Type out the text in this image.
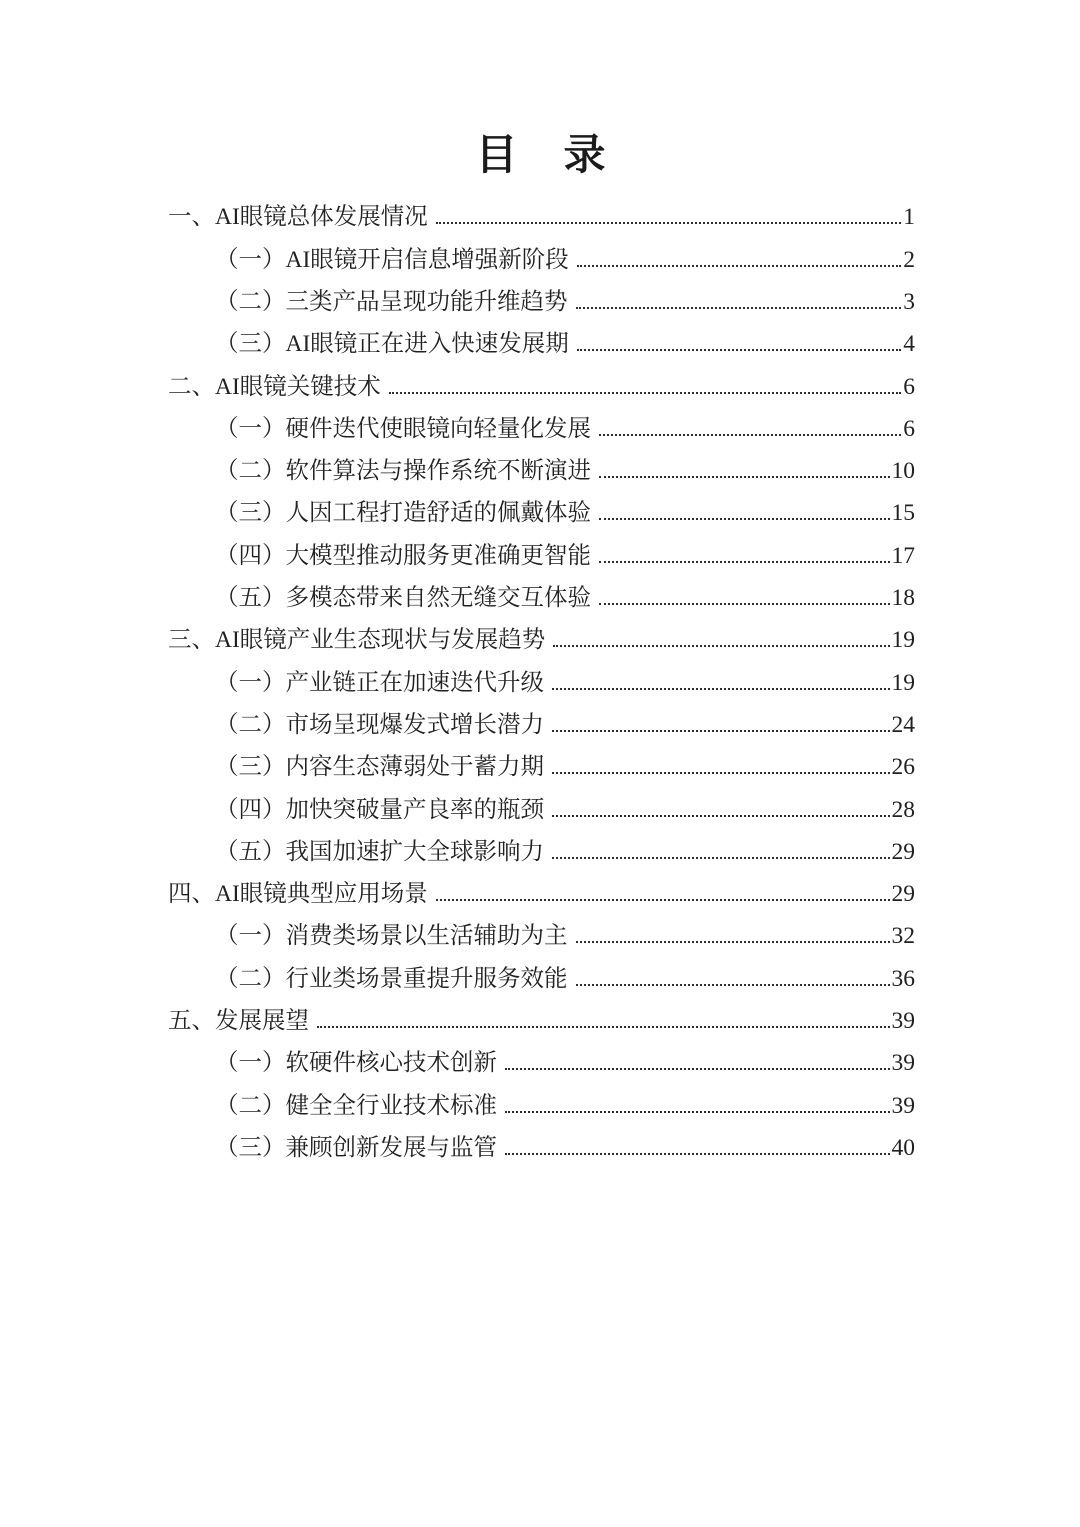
目　录
一、AI眼镜总体发展情况	1
（一）AI眼镜开启信息增强新阶段	2
（二）三类产品呈现功能升维趋势	3
（三）AI眼镜正在进入快速发展期	4
二、AI眼镜关键技术	6
（一）硬件迭代使眼镜向轻量化发展	6
（二）软件算法与操作系统不断演进	10
（三）人因工程打造舒适的佩戴体验	15
（四）大模型推动服务更准确更智能	17
（五）多模态带来自然无缝交互体验	18
三、AI眼镜产业生态现状与发展趋势	19
（一）产业链正在加速迭代升级	19
（二）市场呈现爆发式增长潜力	24
（三）内容生态薄弱处于蓄力期	26
（四）加快突破量产良率的瓶颈	28
（五）我国加速扩大全球影响力	29
四、AI眼镜典型应用场景	29
（一）消费类场景以生活辅助为主	32
（二）行业类场景重提升服务效能	36
五、发展展望	39
（一）软硬件核心技术创新	39
（二）健全全行业技术标准	39
（三）兼顾创新发展与监管	40
